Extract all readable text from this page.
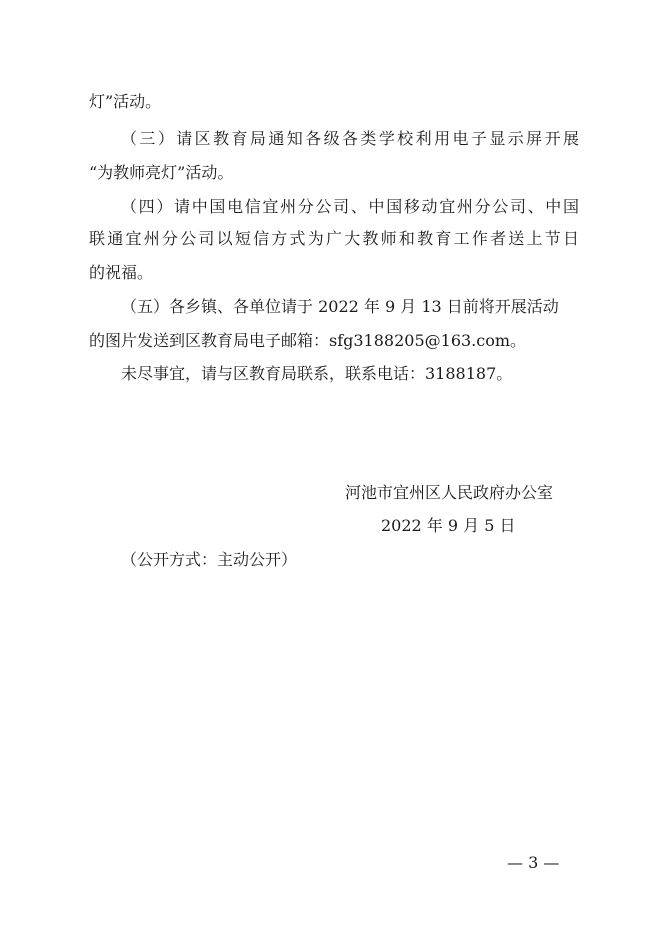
灯”活动。
（三）请区教育局通知各级各类学校利用电子显示屏开展
“为教师亮灯”活动。
（四）请中国电信宜州分公司、中国移动宜州分公司、中国
联通宜州分公司以短信方式为广大教师和教育工作者送上节日
的祝福。
（五）各乡镇、各单位请于 2022 年 9 月 13 日前将开展活动
的图片发送到区教育局电子邮箱：sfg3188205@163.com。
未尽事宜，请与区教育局联系，联系电话：3188187。
河池市宜州区人民政府办公室
2022 年 9 月 5 日
（公开方式：主动公开）
— 3 —
